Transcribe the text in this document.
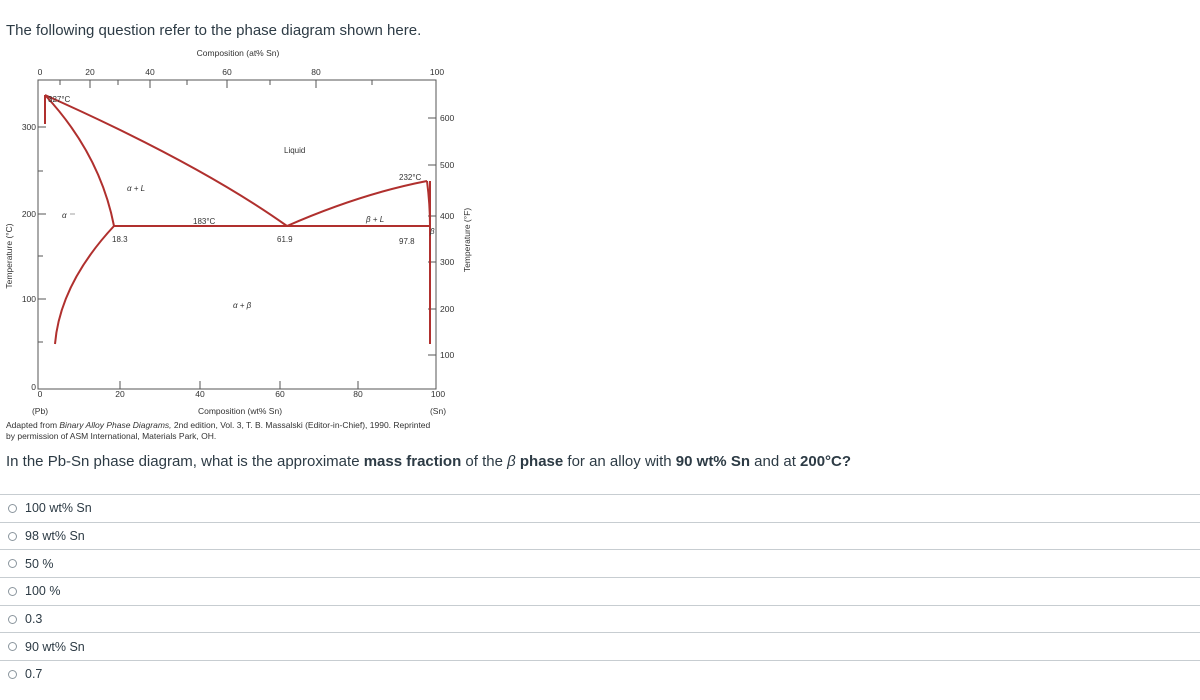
The following question refer to the phase diagram shown here.
Composition (at% Sn)
0	20	40	60	80	100
0	20	40	60	80	100
(Pb)	Composition (wt% Sn)	(Sn)
Temperature (°C)
300
200
100
0
Temperature (°F)
600
500
400
300
200
100
327°C
232°C
183°C
Liquid
α + L
β + L
α + β
α
β
18.3	61.9	97.8
Adapted from Binary Alloy Phase Diagrams, 2nd edition, Vol. 3, T. B. Massalski (Editor-in-Chief), 1990. Reprinted
by permission of ASM International, Materials Park, OH.
In the Pb-Sn phase diagram, what is the approximate mass fraction of the β phase for an alloy with 90 wt% Sn and at 200°C?
100 wt% Sn
98 wt% Sn
50 %
100 %
0.3
90 wt% Sn
0.7
